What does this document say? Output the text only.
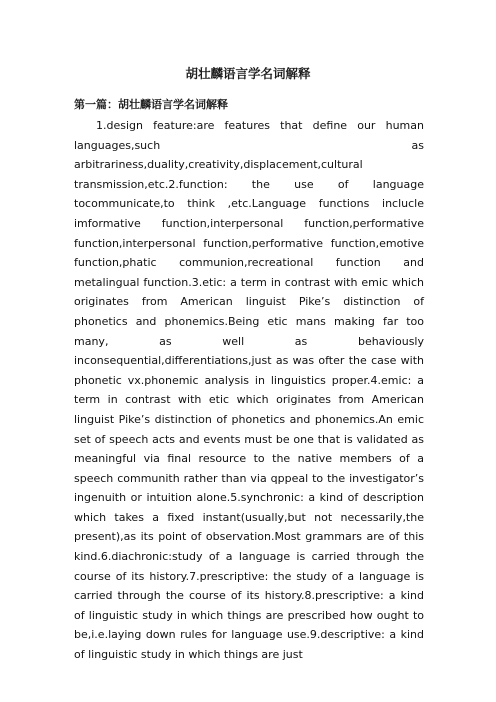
胡壮麟语言学名词解释
第一篇：胡壮麟语言学名词解释
1.design feature:are features that define our human languages,such as arbitrariness,duality,creativity,displacement,cultural transmission,etc.2.function: the use of language tocommunicate,to think ,etc.Language functions inclucle imformative function,interpersonal function,performative function,interpersonal function,performative function,emotive function,phatic communion,recreational function and metalingual function.3.etic: a term in contrast with emic which originates from American linguist Pike’s distinction of phonetics and phonemics.Being etic mans making far too many, as well as behaviously inconsequential,differentiations,just as was ofter the case with phonetic vx.phonemic analysis in linguistics proper.4.emic: a term in contrast with etic which originates from American linguist Pike’s distinction of phonetics and phonemics.An emic set of speech acts and events must be one that is validated as meaningful via final resource to the native members of a speech communith rather than via qppeal to the investigator’s ingenuith or intuition alone.5.synchronic: a kind of description which takes a fixed instant(usually,but not necessarily,the present),as its point of observation.Most grammars are of this kind.6.diachronic:study of a language is carried through the course of its history.7.prescriptive: the study of a language is carried through the course of its history.8.prescriptive: a kind of linguistic study in which things are prescribed how ought to be,i.e.laying down rules for language use.9.descriptive: a kind of linguistic study in which things are just
